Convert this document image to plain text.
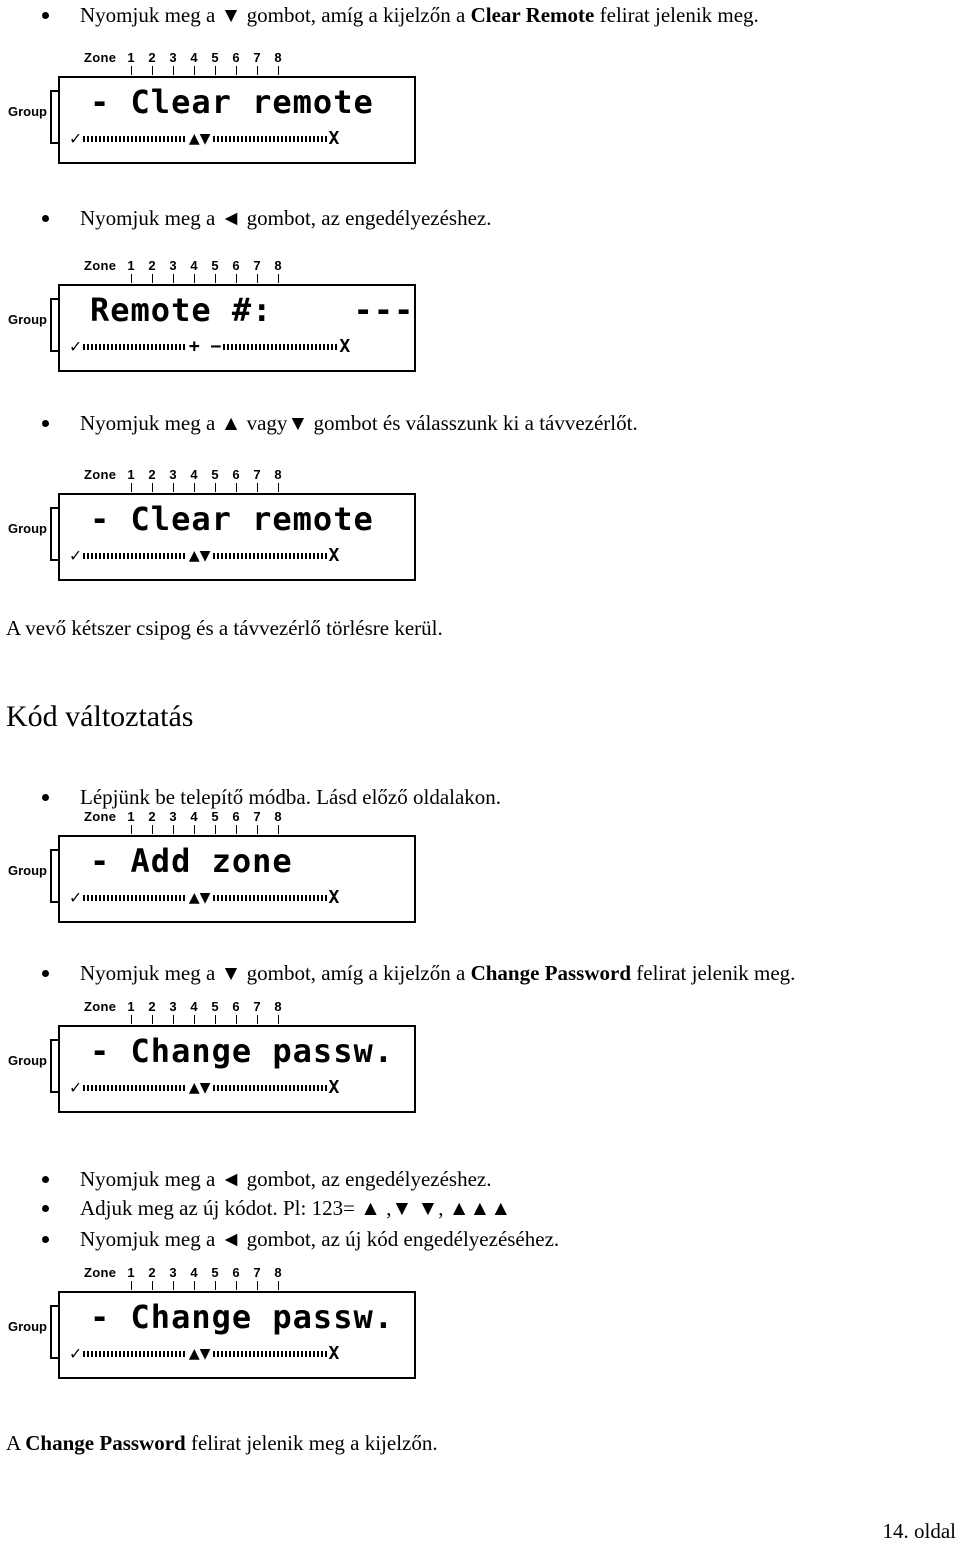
Nyomjuk meg a ▼ gombot, amíg a kijelzőn a Clear Remote felirat jelenik meg.
Zone 1 2 3 4 5 6 7 8
Group - Clear remote
✓	▲▼	X
Nyomjuk meg a ◄ gombot, az engedélyezéshez.
Zone 1 2 3 4 5 6 7 8
Group Remote #:    ---
✓	+ −	X
Nyomjuk meg a ▲ vagy▼ gombot és válasszunk ki a távvezérlőt.
Zone 1 2 3 4 5 6 7 8
Group - Clear remote
✓	▲▼	X
A vevő kétszer csipog és a távvezérlő törlésre kerül.
Kód változtatás
Lépjünk be telepítő módba. Lásd előző oldalakon.
Zone 1 2 3 4 5 6 7 8
Group - Add zone
✓	▲▼	X
Nyomjuk meg a ▼ gombot, amíg a kijelzőn a Change Password felirat jelenik meg.
Zone 1 2 3 4 5 6 7 8
Group - Change passw.
✓	▲▼	X
Nyomjuk meg a ◄ gombot, az engedélyezéshez.
Adjuk meg az új kódot. Pl: 123= ▲ ,▼ ▼, ▲▲▲
Nyomjuk meg a ◄ gombot, az új kód engedélyezéséhez.
Zone 1 2 3 4 5 6 7 8
Group - Change passw.
✓	▲▼	X
A Change Password felirat jelenik meg a kijelzőn.
14. oldal
